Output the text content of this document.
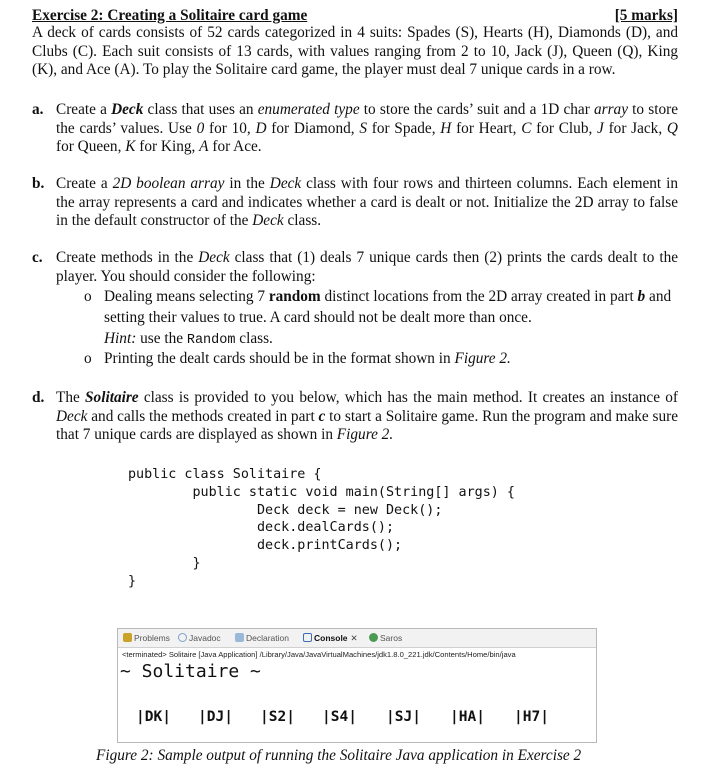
Exercise 2: Creating a Solitaire card game	[5 marks]

A deck of cards consists of 52 cards categorized in 4 suits: Spades (S), Hearts (H), Diamonds (D), and Clubs (C). Each suit consists of 13 cards, with values ranging from 2 to 10, Jack (J), Queen (Q), King (K), and Ace (A). To play the Solitaire card game, the player must deal 7 unique cards in a row.

a. Create a Deck class that uses an enumerated type to store the cards’ suit and a 1D char array to store the cards’ values. Use 0 for 10, D for Diamond, S for Spade, H for Heart, C for Club, J for Jack, Q for Queen, K for King, A for Ace.
b. Create a 2D boolean array in the Deck class with four rows and thirteen columns. Each element in the array represents a card and indicates whether a card is dealt or not. Initialize the 2D array to false in the default constructor of the Deck class.
c. Create methods in the Deck class that (1) deals 7 unique cards then (2) prints the cards dealt to the player. You should consider the following:
o Dealing means selecting 7 random distinct locations from the 2D array created in part b and setting their values to true. A card should not be dealt more than once.
Hint: use the Random class.
o Printing the dealt cards should be in the format shown in Figure 2.
d. The Solitaire class is provided to you below, which has the main method. It creates an instance of Deck and calls the methods created in part c to start a Solitaire game. Run the program and make sure that 7 unique cards are displayed as shown in Figure 2.
public class Solitaire {
public static void main(String[] args) {
Deck deck = new Deck();
deck.dealCards();
deck.printCards();
}
}
Problems	Javadoc	Declaration	Console ✕	Saros
<terminated> Solitaire [Java Application] /Library/Java/JavaVirtualMachines/jdk1.8.0_221.jdk/Contents/Home/bin/java
~ Solitaire ~
|DK| |DJ| |S2| |S4| |SJ| |HA| |H7|
Figure 2: Sample output of running the Solitaire Java application in Exercise 2
